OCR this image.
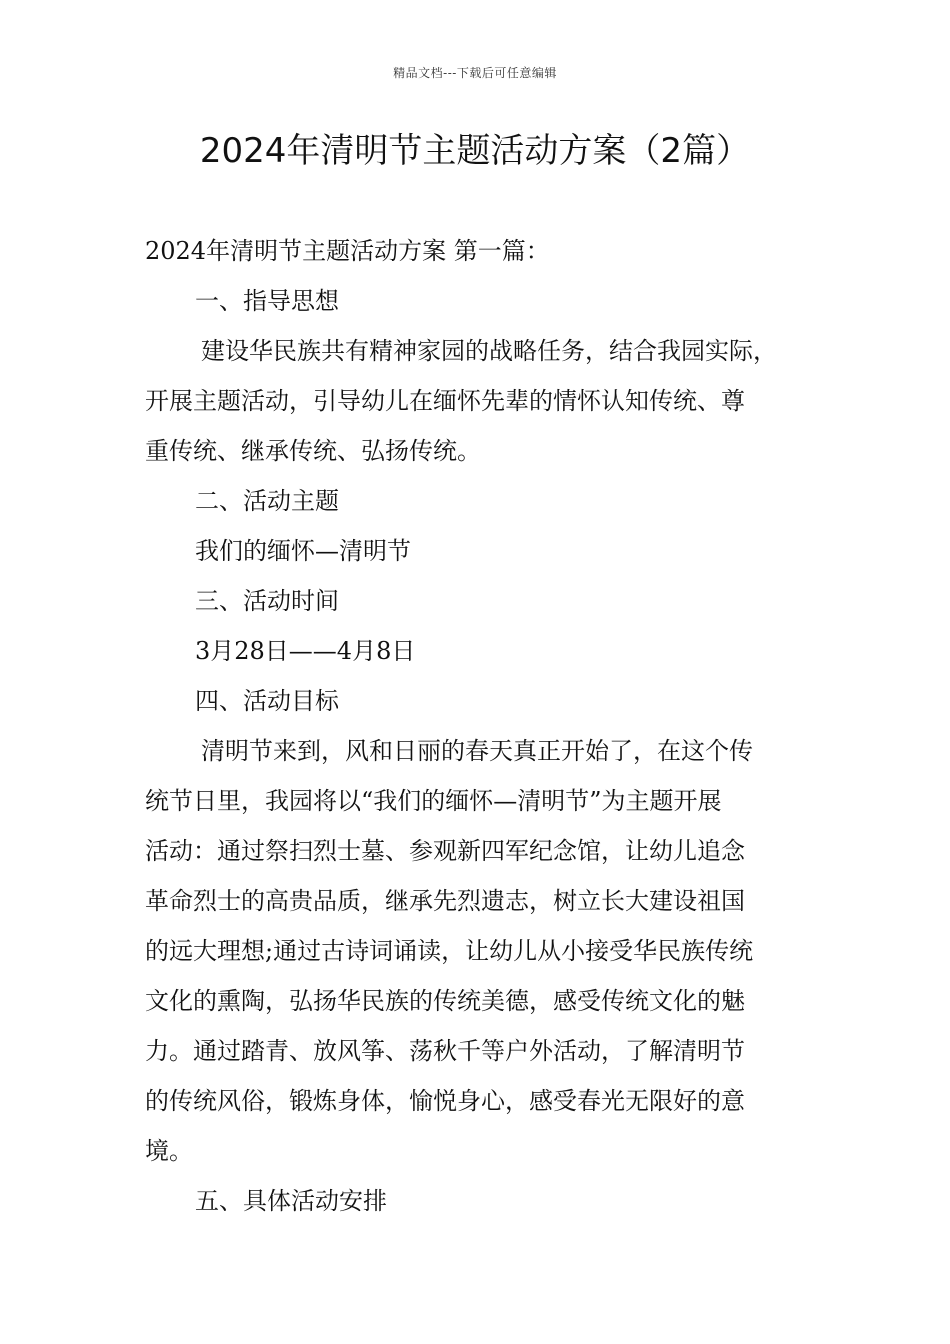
精品文档---下载后可任意编辑
2024年清明节主题活动方案（2篇）
2024年清明节主题活动方案 第一篇：
一、指导思想
建设华民族共有精神家园的战略任务，结合我园实际，
开展主题活动，引导幼儿在缅怀先辈的情怀认知传统、尊
重传统、继承传统、弘扬传统。
二、活动主题
我们的缅怀—清明节
三、活动时间
3月28日——4月8日
四、活动目标
清明节来到，风和日丽的春天真正开始了，在这个传
统节日里，我园将以“我们的缅怀—清明节”为主题开展
活动：通过祭扫烈士墓、参观新四军纪念馆，让幼儿追念
革命烈士的高贵品质，继承先烈遗志，树立长大建设祖国
的远大理想;通过古诗词诵读，让幼儿从小接受华民族传统
文化的熏陶，弘扬华民族的传统美德，感受传统文化的魅
力。通过踏青、放风筝、荡秋千等户外活动，了解清明节
的传统风俗，锻炼身体，愉悦身心，感受春光无限好的意
境。
五、具体活动安排
